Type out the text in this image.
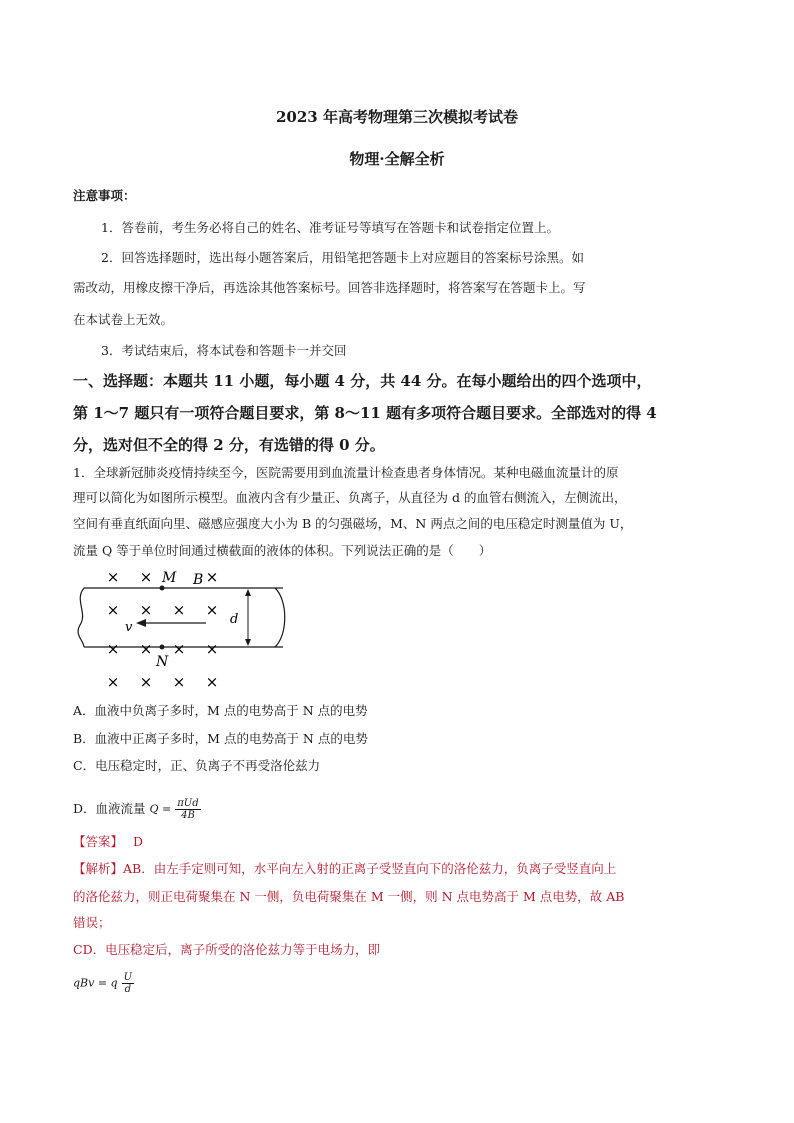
2023 年高考物理第三次模拟考试卷
物理·全解全析
注意事项：
1．答卷前，考生务必将自己的姓名、准考证号等填写在答题卡和试卷指定位置上。
2．回答选择题时，选出每小题答案后，用铅笔把答题卡上对应题目的答案标号涂黑。如
需改动，用橡皮擦干净后，再选涂其他答案标号。回答非选择题时，将答案写在答题卡上。写
在本试卷上无效。
3．考试结束后，将本试卷和答题卡一并交回
一、选择题：本题共 11 小题，每小题 4 分，共 44 分。在每小题给出的四个选项中，
第 1～7 题只有一项符合题目要求，第 8～11 题有多项符合题目要求。全部选对的得 4
分，选对但不全的得 2 分，有选错的得 0 分。
1．全球新冠肺炎疫情持续至今，医院需要用到血流量计检查患者身体情况。某种电磁血流量计的原
理可以简化为如图所示模型。血液内含有少量正、负离子，从直径为 d 的血管右侧流入，左侧流出，
空间有垂直纸面向里、磁感应强度大小为 B 的匀强磁场，M、N 两点之间的电压稳定时测量值为 U，
流量 Q 等于单位时间通过横截面的液体的体积。下列说法正确的是（　　）
× ×	×
M B
× × × ×
v
d
× × × ×
N
× × × ×
A．血液中负离子多时，M 点的电势高于 N 点的电势
B．血液中正离子多时，M 点的电势高于 N 点的电势
C．电压稳定时，正、负离子不再受洛伦兹力
D．血液流量 $Q = \frac{\text{πUd}}{4B}$
【答案】 D
【解析】AB．由左手定则可知，水平向左入射的正离子受竖直向下的洛伦兹力，负离子受竖直向上
的洛伦兹力，则正电荷聚集在 N 一侧，负电荷聚集在 M 一侧，则 N 点电势高于 M 点电势，故 AB
错误；
CD．电压稳定后，离子所受的洛伦兹力等于电场力，即
qBv = q $\frac{U}{d}$
